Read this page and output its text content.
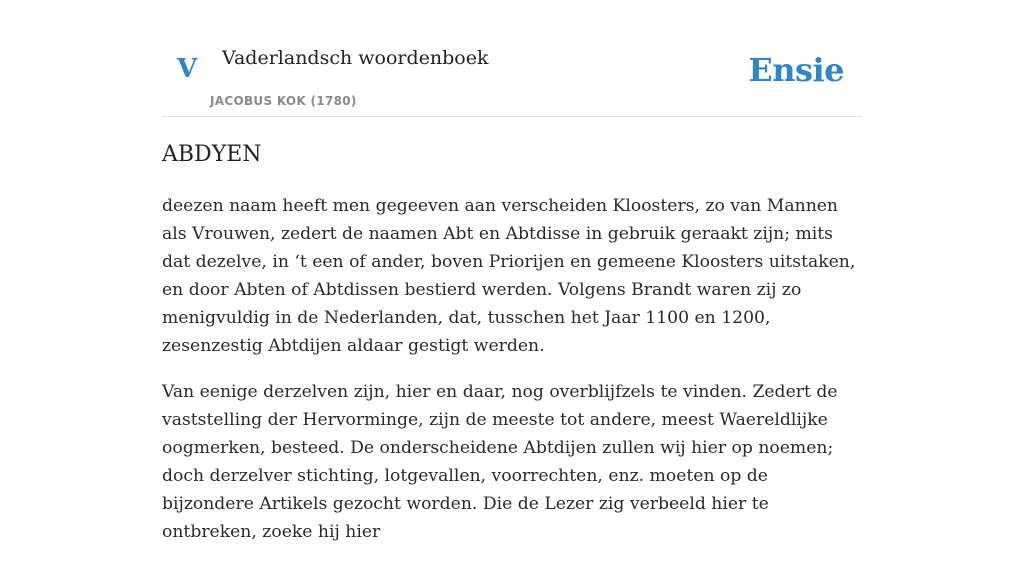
V Vaderlandsch woordenboek
JACOBUS KOK (1780)
Ensie
ABDYEN

deezen naam heeft men gegeeven aan verscheiden Kloosters, zo van Mannen als Vrouwen, zedert de naamen Abt en Abtdisse in gebruik geraakt zijn; mits dat dezelve, in ‘t een of ander, boven Priorijen en gemeene Kloosters uitstaken, en door Abten of Abtdissen bestierd werden. Volgens Brandt waren zij zo menigvuldig in de Nederlanden, dat, tusschen het Jaar 1100 en 1200, zesenzestig Abtdijen aldaar gestigt werden.

Van eenige derzelven zijn, hier en daar, nog overblijfzels te vinden. Zedert de vaststelling der Hervorminge, zijn de meeste tot andere, meest Waereldlijke oogmerken, besteed. De onderscheidene Abtdijen zullen wij hier op noemen; doch derzelver stichting, lotgevallen, voorrechten, enz. moeten op de bijzondere Artikels gezocht worden. Die de Lezer zig verbeeld hier te ontbreken, zoeke hij hier
